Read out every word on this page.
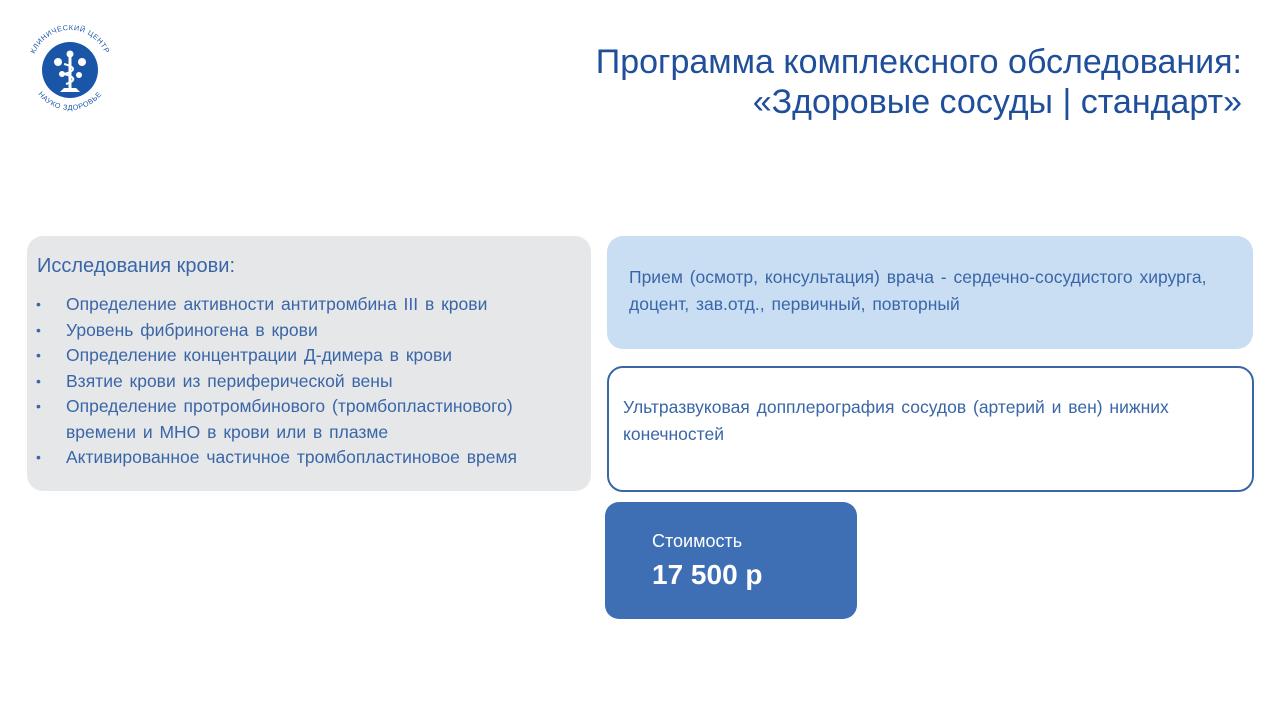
КЛИНИЧЕСКИЙ ЦЕНТР
НАУКО ЗДОРОВЬЕ
Программа комплексного обследования:
«Здоровые сосуды | стандарт»
Исследования крови:
• Определение активности антитромбина III в крови
• Уровень фибриногена в крови
• Определение концентрации Д-димера в крови
• Взятие крови из периферической вены
• Определение протромбинового (тромбопластинового) времени и МНО в крови или в плазме
• Активированное частичное тромбопластиновое время
Прием (осмотр, консультация) врача - сердечно-сосудистого хирурга, доцент, зав.отд., первичный, повторный
Ультразвуковая допплерография сосудов (артерий и вен) нижних конечностей
Стоимость
17 500 р
